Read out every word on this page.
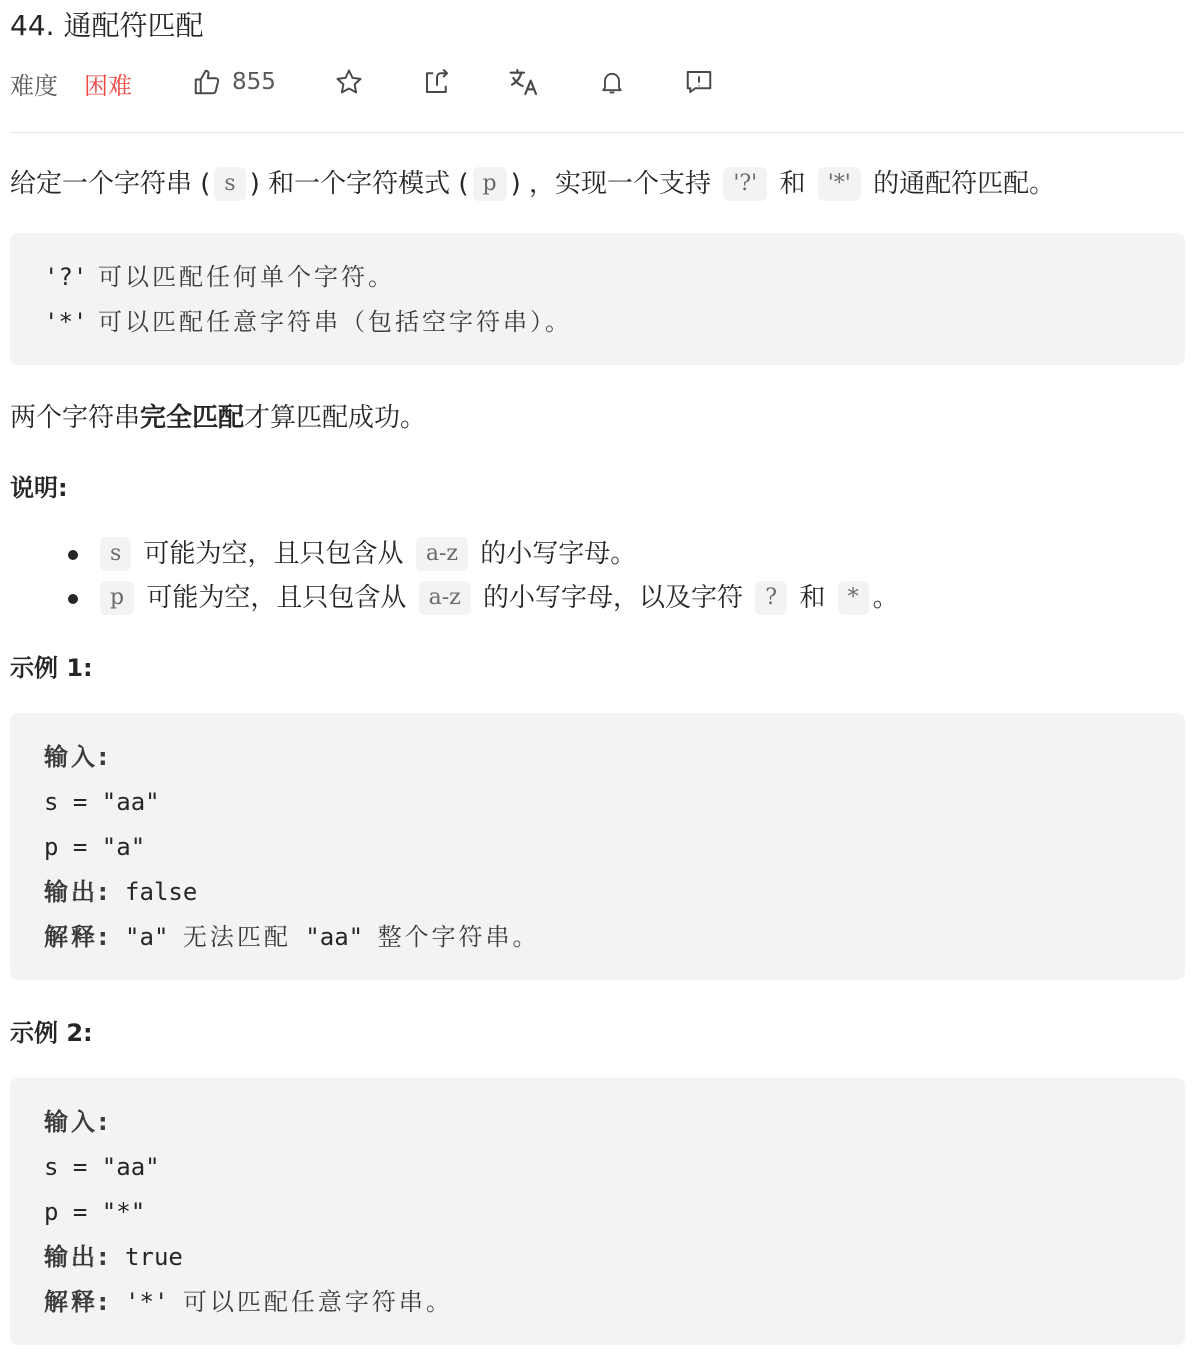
44. 通配符匹配
难度 困难	855
给定一个字符串 ( s ) 和一个字符模式 ( p ) ，实现一个支持 '?' 和 '*' 的通配符匹配。
'?' 可以匹配任何单个字符。
'*' 可以匹配任意字符串（包括空字符串）。
两个字符串完全匹配才算匹配成功。
说明:
s 可能为空，且只包含从 a-z 的小写字母。
p 可能为空，且只包含从 a-z 的小写字母，以及字符 ? 和 * 。
示例 1:
输入:
s = "aa"
p = "a"
输出: false
解释: "a" 无法匹配 "aa" 整个字符串。
示例 2:
输入:
s = "aa"
p = "*"
输出: true
解释: '*' 可以匹配任意字符串。
